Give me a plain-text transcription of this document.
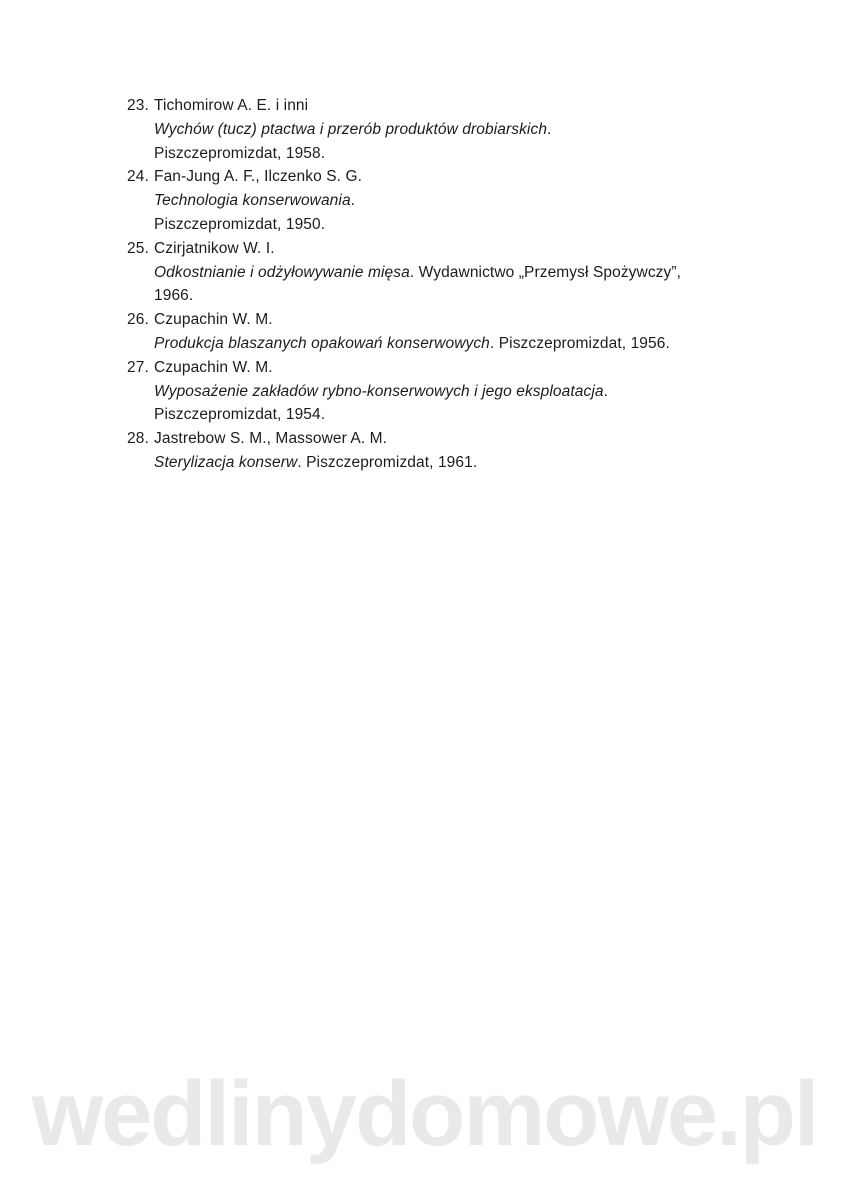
23. Tichomirow A. E. i inni
Wychów (tucz) ptactwa i przerób produktów drobiarskich.
Piszczepromizdat, 1958.
24. Fan-Jung A. F., Ilczenko S. G.
Technologia konserwowania.
Piszczepromizdat, 1950.
25. Czirjatnikow W. I.
Odkostnianie i odżyłowywanie mięsa. Wydawnictwo „Przemysł Spożywczy”,
1966.
26. Czupachin W. M.
Produkcja blaszanych opakowań konserwowych. Piszczepromizdat, 1956.
27. Czupachin W. M.
Wyposażenie zakładów rybno-konserwowych i jego eksploatacja.
Piszczepromizdat, 1954.
28. Jastrebow S. M., Massower A. M.
Sterylizacja konserw. Piszczepromizdat, 1961.
wedlinydomowe.pl
